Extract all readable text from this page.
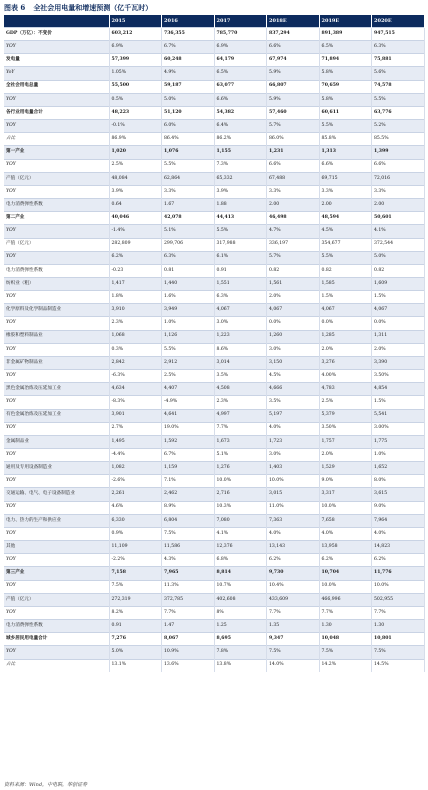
图表 6 全社会用电量和增速预测（亿千瓦时）
	2015	2016	2017	2018E	2019E	2020E
GDP（万亿）：不变价	603,212	736,355	785,770	837,294	891,389	947,515
YOY	6.9%	6.7%	6.9%	6.6%	6.5%	6.3%
发电量	57,399	60,248	64,179	67,974	71,894	75,881
YoY	1.05%	4.9%	6.5%	5.9%	5.8%	5.6%
全社会用电总量	55,500	59,187	63,077	66,807	70,659	74,578
YOY	0.5%	5.0%	6.6%	5.9%	5.8%	5.5%
各行业用电量合计	48,223	51,120	54,382	57,460	60,611	63,776
YOY	-0.1%	6.0%	6.4%	5.7%	5.5%	5.2%
占比	86.9%	86.4%	86.2%	86.0%	85.8%	85.5%
第一产业	1,020	1,076	1,155	1,231	1,313	1,399
YOY	2.5%	5.5%	7.3%	6.6%	6.6%	6.6%
产值（亿元）	48,084	62,864	65,332	67,488	69,715	72,016
YOY	3.9%	3.3%	3.9%	3.3%	3.3%	3.3%
电力消费弹性系数	0.64	1.67	1.88	2.00	2.00	2.00
第二产业	40,046	42,078	44,413	46,498	48,594	50,601
YOY	-1.4%	5.1%	5.5%	4.7%	4.5%	4.1%
产值（亿元）	282,809	299,706	317,988	336,197	354,677	372,544
YOY	6.2%	6.3%	6.1%	5.7%	5.5%	5.0%
电力消费弹性系数	-0.23	0.81	0.91	0.82	0.82	0.82
纺织业（粗）	1,417	1,440	1,551	1,561	1,585	1,609
YOY	1.8%	1.6%	6.3%	2.0%	1.5%	1.5%
化学原料及化学制品制造业	3,910	3,949	4,067	4,067	4,067	4,067
YOY	2.3%	1.0%	3.0%	0.0%	0.0%	0.0%
橡胶和塑料制品业	1,068	1,126	1,223	1,260	1,285	1,311
YOY	0.3%	5.5%	8.6%	3.0%	2.0%	2.0%
非金属矿物制品业	2,842	2,912	3,014	3,150	3,276	3,390
YOY	-6.3%	2.5%	3.5%	4.5%	4.00%	3.50%
黑色金属冶炼及压延加工业	4,634	4,407	4,508	4,666	4,783	4,854
YOY	-8.3%	-4.9%	2.3%	3.5%	2.5%	1.5%
有色金属冶炼及压延加工业	3,901	4,641	4,997	5,197	5,379	5,541
YOY	2.7%	19.0%	7.7%	4.0%	3.50%	3.00%
金属制品业	1,495	1,592	1,673	1,723	1,757	1,775
YOY	-4.4%	6.7%	5.1%	3.0%	2.0%	1.0%
通用及专用设备制造业	1,082	1,159	1,276	1,403	1,529	1,652
YOY	-2.6%	7.1%	10.0%	10.0%	9.0%	8.0%
交通运输、电气、电子设备制造业	2,261	2,462	2,716	3,015	3,317	3,615
YOY	4.6%	8.9%	10.3%	11.0%	10.0%	9.0%
电力、热力的生产和供应业	6,330	6,804	7,080	7,363	7,658	7,964
YOY	0.9%	7.5%	4.1%	4.0%	4.0%	4.0%
其他	11,109	11,586	12,376	13,143	13,958	14,823
YOY	-2.2%	4.3%	6.8%	6.2%	6.2%	6.2%
第三产业	7,158	7,965	8,814	9,730	10,704	11,776
YOY	7.5%	11.3%	10.7%	10.4%	10.0%	10.0%
产值（亿元）	272,319	372,785	402,608	433,609	466,996	502,955
YOY	8.2%	7.7%	8%	7.7%	7.7%	7.7%
电力消费弹性系数	0.91	1.47	1.25	1.35	1.30	1.30
城乡居民用电量合计	7,276	8,067	8,695	9,347	10,048	10,801
YOY	5.0%	10.9%	7.8%	7.5%	7.5%	7.5%
占比	13.1%	13.6%	13.8%	14.0%	14.2%	14.5%
资料来源：Wind，中电联，华创证券
